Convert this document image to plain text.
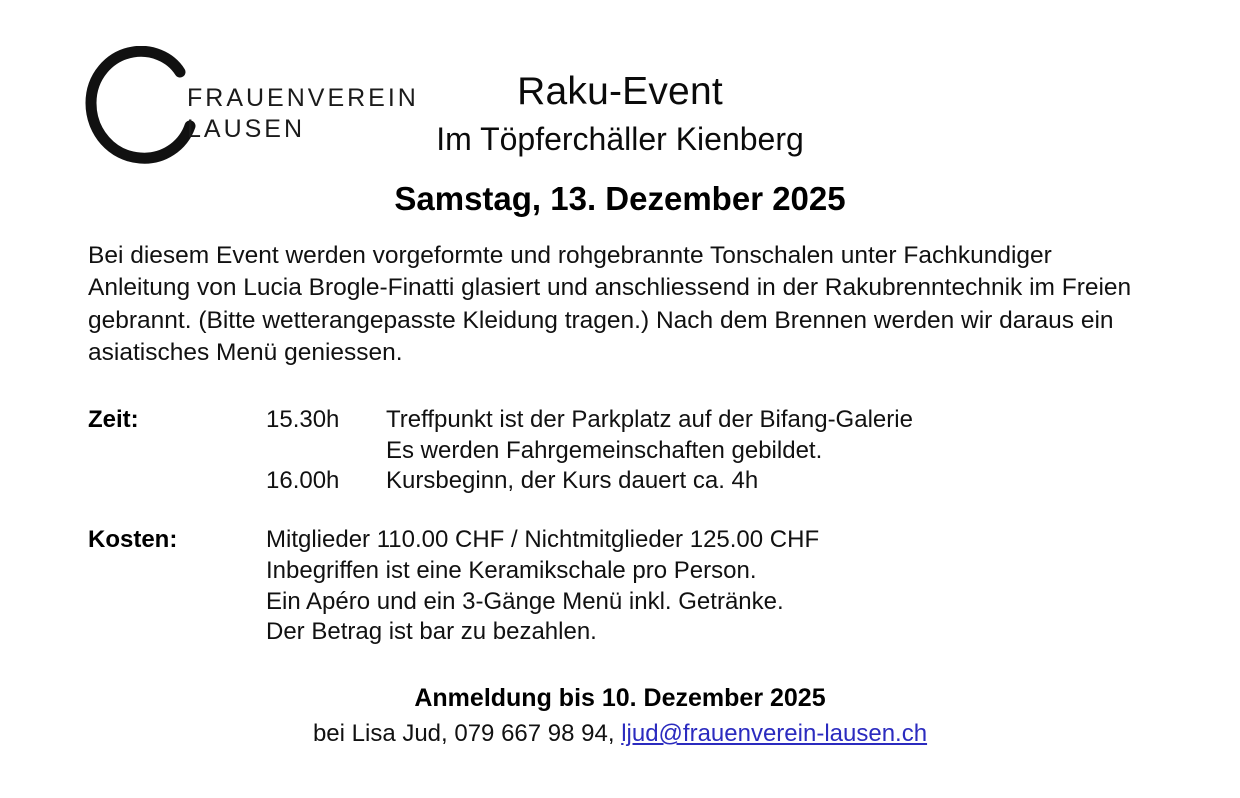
FRAUENVEREIN
LAUSEN
Raku-Event
Im Töpferchäller Kienberg
Samstag, 13. Dezember 2025
Bei diesem Event werden vorgeformte und rohgebrannte Tonschalen unter Fachkundiger Anleitung von Lucia Brogle-Finatti glasiert und anschliessend in der Rakubrenntechnik im Freien gebrannt. (Bitte wetterangepasste Kleidung tragen.) Nach dem Brennen werden wir daraus ein asiatisches Menü geniessen.
Zeit:	15.30h	Treffpunkt ist der Parkplatz auf der Bifang-Galerie
Es werden Fahrgemeinschaften gebildet.
16.00h	Kursbeginn, der Kurs dauert ca. 4h
Kosten:	Mitglieder 110.00 CHF / Nichtmitglieder 125.00 CHF
Inbegriffen ist eine Keramikschale pro Person.
Ein Apéro und ein 3-Gänge Menü inkl. Getränke.
Der Betrag ist bar zu bezahlen.
Anmeldung bis 10. Dezember 2025
bei Lisa Jud, 079 667 98 94, ljud@frauenverein-lausen.ch
